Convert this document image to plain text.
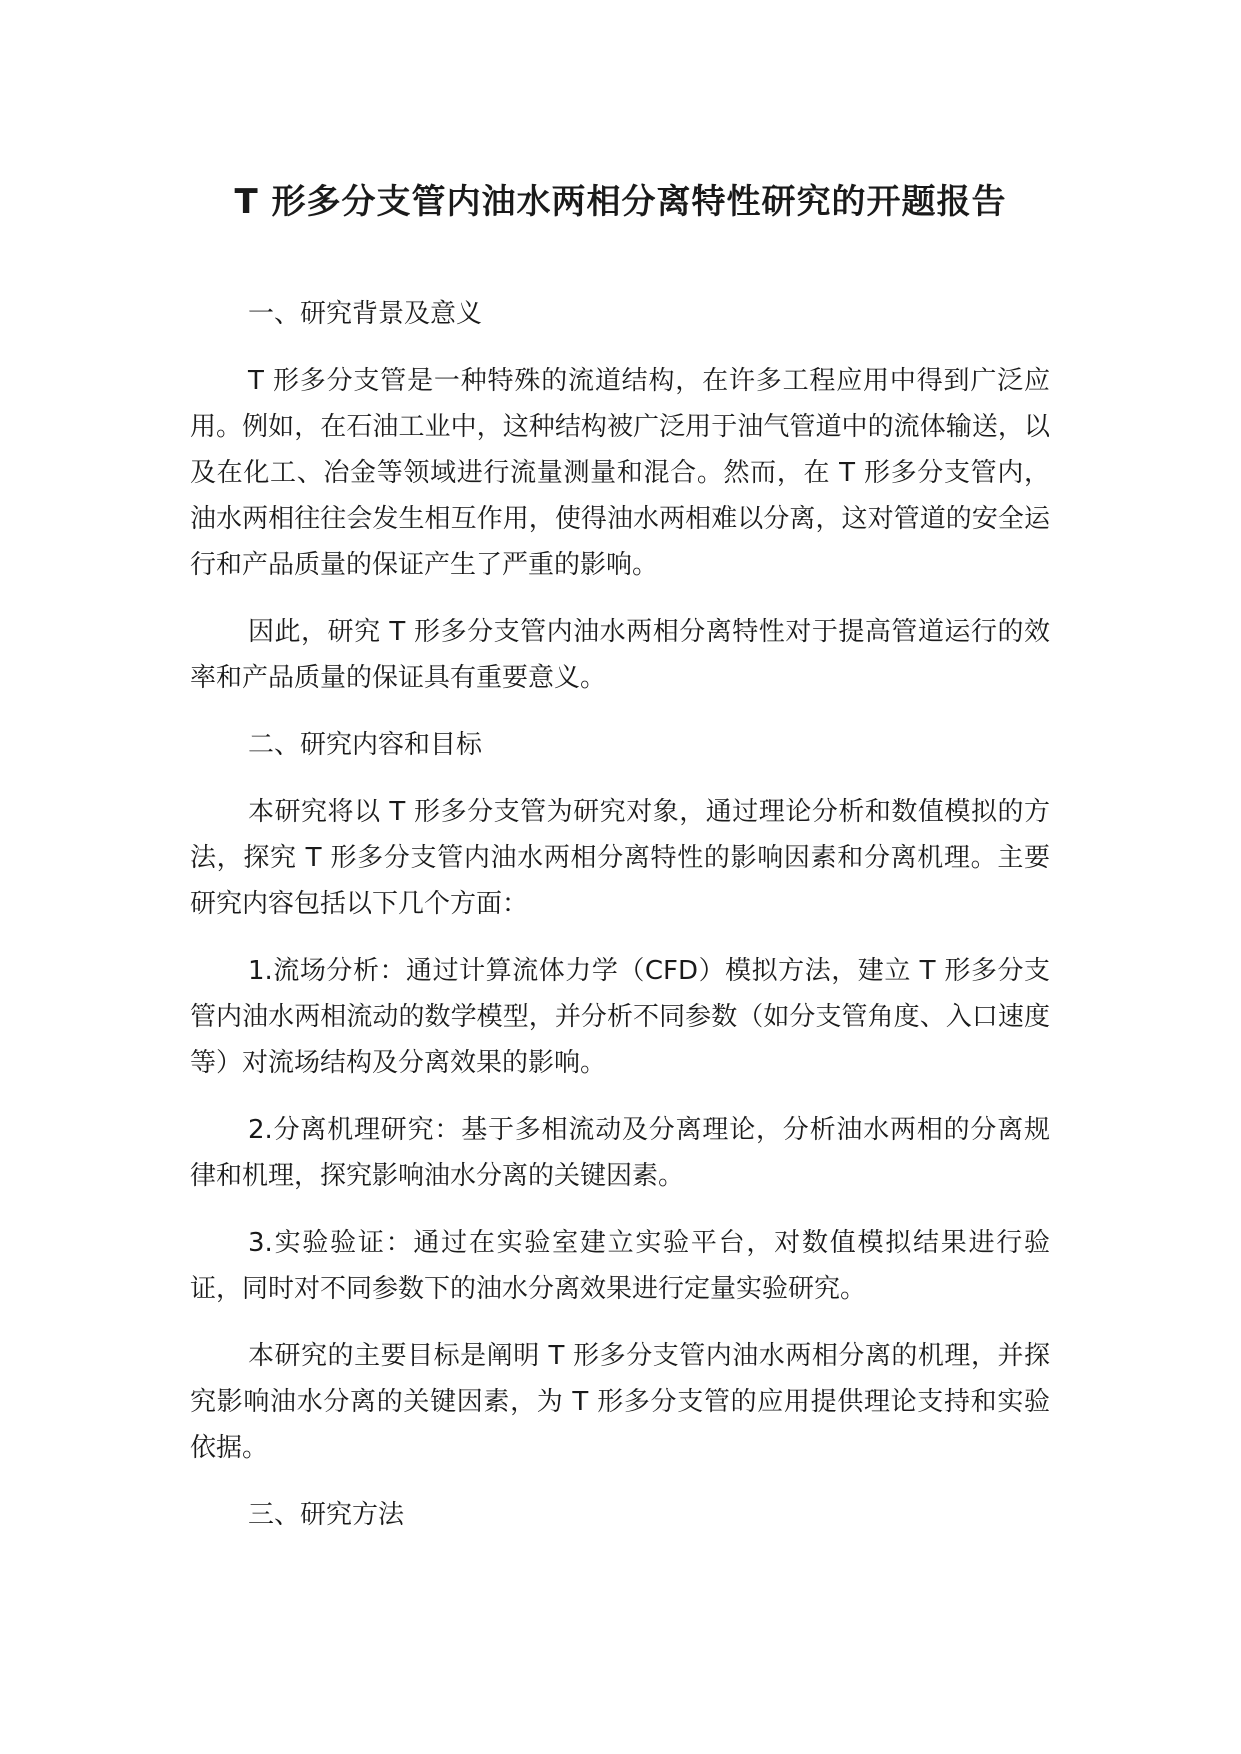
T 形多分支管内油水两相分离特性研究的开题报告

一、研究背景及意义

T 形多分支管是一种特殊的流道结构，在许多工程应用中得到广泛应用。例如，在石油工业中，这种结构被广泛用于油气管道中的流体输送，以及在化工、冶金等领域进行流量测量和混合。然而，在 T 形多分支管内，油水两相往往会发生相互作用，使得油水两相难以分离，这对管道的安全运行和产品质量的保证产生了严重的影响。

因此，研究 T 形多分支管内油水两相分离特性对于提高管道运行的效率和产品质量的保证具有重要意义。

二、研究内容和目标

本研究将以 T 形多分支管为研究对象，通过理论分析和数值模拟的方法，探究 T 形多分支管内油水两相分离特性的影响因素和分离机理。主要研究内容包括以下几个方面：

1.流场分析：通过计算流体力学（CFD）模拟方法，建立 T 形多分支管内油水两相流动的数学模型，并分析不同参数（如分支管角度、入口速度等）对流场结构及分离效果的影响。

2.分离机理研究：基于多相流动及分离理论，分析油水两相的分离规律和机理，探究影响油水分离的关键因素。

3.实验验证：通过在实验室建立实验平台，对数值模拟结果进行验证，同时对不同参数下的油水分离效果进行定量实验研究。

本研究的主要目标是阐明 T 形多分支管内油水两相分离的机理，并探究影响油水分离的关键因素，为 T 形多分支管的应用提供理论支持和实验依据。

三、研究方法
